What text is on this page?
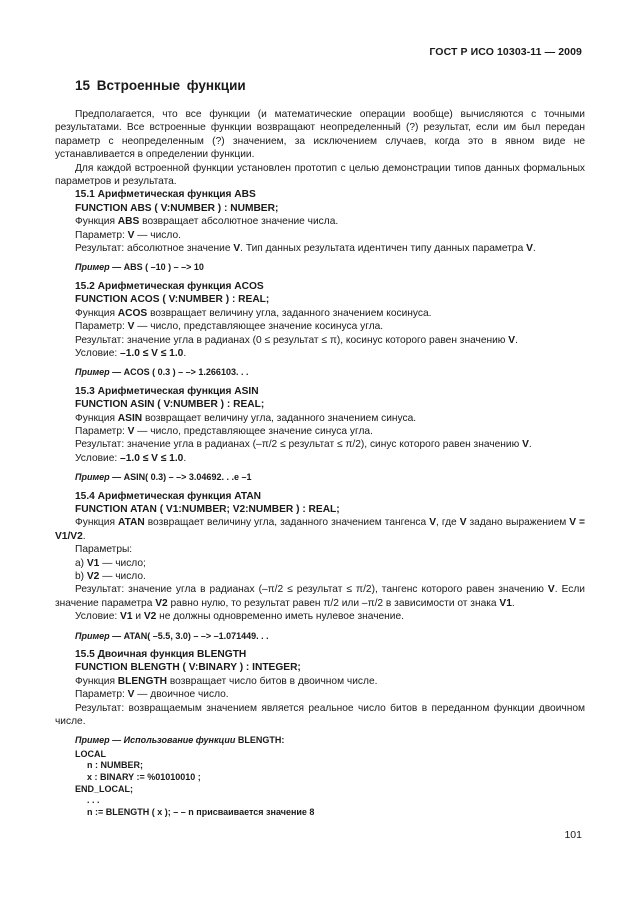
ГОСТ Р ИСО 10303-11 — 2009
15 Встроенные функции

Предполагается, что все функции (и математические операции вообще) вычисляются с точными результатами. Все встроенные функции возвращают неопределенный (?) результат, если им был передан параметр с неопределенным (?) значением, за исключением случаев, когда это в явном виде не устанавливается в определении функции.

Для каждой встроенной функции установлен прототип с целью демонстрации типов данных формальных параметров и результата.

15.1 Арифметическая функция ABS

FUNCTION ABS ( V:NUMBER ) : NUMBER;

Функция ABS возвращает абсолютное значение числа.

Параметр: V — число.

Результат: абсолютное значение V. Тип данных результата идентичен типу данных параметра V.

Пример — ABS ( –10 ) – –> 10

15.2 Арифметическая функция ACOS

FUNCTION ACOS ( V:NUMBER ) : REAL;

Функция ACOS возвращает величину угла, заданного значением косинуса.

Параметр: V — число, представляющее значение косинуса угла.

Результат: значение угла в радианах (0 ≤ результат ≤ π), косинус которого равен значению V.

Условие: –1.0 ≤ V ≤ 1.0.

Пример — ACOS ( 0.3 ) – –> 1.266103. . .

15.3 Арифметическая функция ASIN

FUNCTION ASIN ( V:NUMBER ) : REAL;

Функция ASIN возвращает величину угла, заданного значением синуса.

Параметр: V — число, представляющее значение синуса угла.

Результат: значение угла в радианах (–π/2 ≤ результат ≤ π/2), синус которого равен значению V.

Условие: –1.0 ≤ V ≤ 1.0.

Пример — ASIN( 0.3) – –> 3.04692. . .e –1

15.4 Арифметическая функция ATAN

FUNCTION ATAN ( V1:NUMBER; V2:NUMBER ) : REAL;

Функция ATAN возвращает величину угла, заданного значением тангенса V, где V задано выражением V = V1/V2.

Параметры:

a) V1 — число;

b) V2 — число.

Результат: значение угла в радианах (–π/2 ≤ результат ≤ π/2), тангенс которого равен значению V. Если значение параметра V2 равно нулю, то результат равен π/2 или –π/2 в зависимости от знака V1.

Условие: V1 и V2 не должны одновременно иметь нулевое значение.

Пример — ATAN( –5.5, 3.0) – –> –1.071449. . .

15.5 Двоичная функция BLENGTH

FUNCTION BLENGTH ( V:BINARY ) : INTEGER;

Функция BLENGTH возвращает число битов в двоичном числе.

Параметр: V — двоичное число.

Результат: возвращаемым значением является реальное число битов в переданном функции двоичном числе.

Пример — Использование функции BLENGTH:

LOCAL

n : NUMBER;

x : BINARY := %01010010 ;

END_LOCAL;

. . .

n := BLENGTH ( x ); – – n присваивается значение 8

101
